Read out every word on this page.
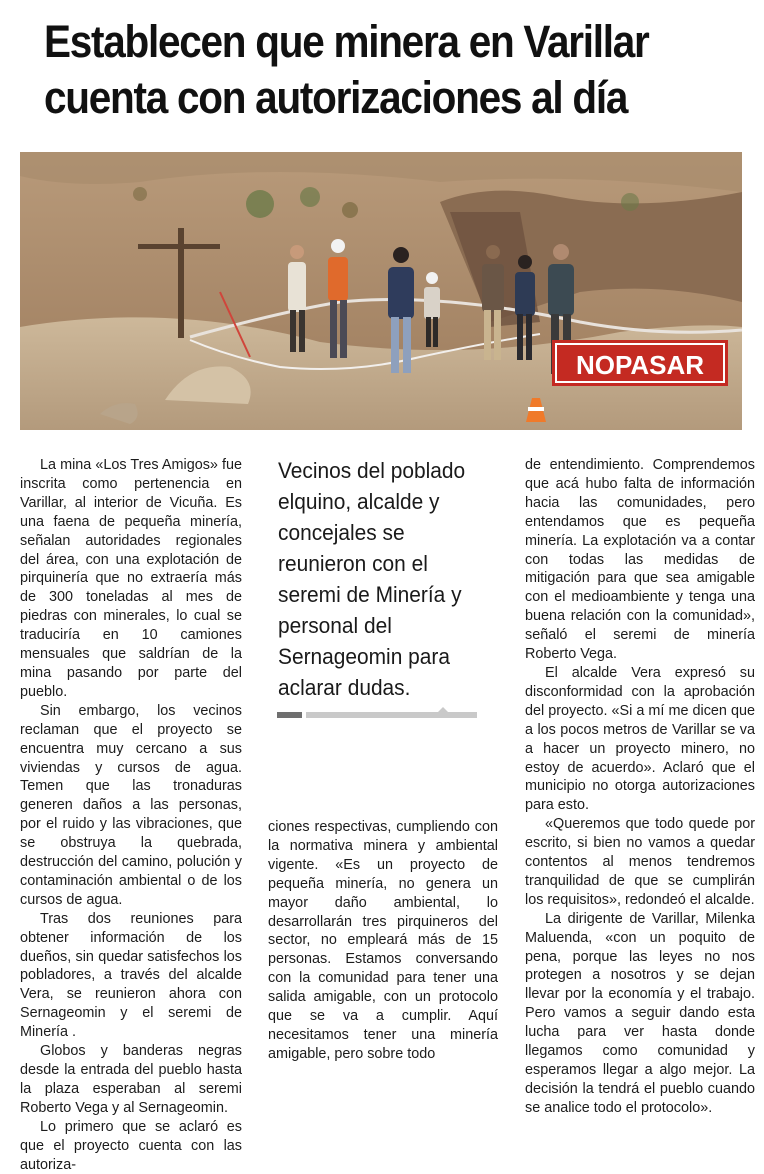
Establecen que minera en Varillar
cuenta con autorizaciones al día
NOPASAR

La mina «Los Tres Amigos» fue inscrita como pertenencia en Varillar, al interior de Vicuña. Es una faena de pequeña minería, señalan autoridades regionales del área, con una explotación de pirquinería que no extraería más de 300 toneladas al mes de piedras con minerales, lo cual se traduciría en 10 camiones mensuales que saldrían de la mina pasando por parte del pueblo.

Sin embargo, los vecinos reclaman que el proyecto se encuentra muy cercano a sus viviendas y cursos de agua. Temen que las tronaduras generen daños a las personas, por el ruido y las vibraciones, que se obstruya la quebrada, destrucción del camino, polución y contaminación ambiental o de los cursos de agua.

Tras dos reuniones para obtener información de los dueños, sin quedar satisfechos los pobladores, a través del alcalde Vera, se reunieron ahora con Sernageomin y el seremi de Minería .

Globos y banderas negras desde la entrada del pueblo hasta la plaza esperaban al seremi Roberto Vega y al Sernageomin.

Lo primero que se aclaró es que el proyecto cuenta con las autoriza-

Vecinos del poblado elquino, alcalde y concejales se reunieron con el seremi de Minería y personal del Sernageomin para aclarar dudas.

ciones respectivas, cumpliendo con la normativa minera y ambiental vigente. «Es un proyecto de pequeña minería, no genera un mayor daño ambiental, lo desarrollarán tres pirquineros del sector, no empleará más de 15 personas. Estamos conversando con la comunidad para tener una salida amigable, con un protocolo que se va a cumplir. Aquí necesitamos tener una minería amigable, pero sobre todo

de entendimiento. Comprendemos que acá hubo falta de información hacia las comunidades, pero entendamos que es pequeña minería. La explotación va a contar con todas las medidas de mitigación para que sea amigable con el medioambiente y tenga una buena relación con la comunidad», señaló el seremi de minería Roberto Vega.

El alcalde Vera expresó su disconformidad con la aprobación del proyecto. «Si a mí me dicen que a los pocos metros de Varillar se va a hacer un proyecto minero, no estoy de acuerdo». Aclaró que el municipio no otorga autorizaciones para esto.

«Queremos que todo quede por escrito, si bien no vamos a quedar contentos al menos tendremos tranquilidad de que se cumplirán los requisitos», redondeó el alcalde.

La dirigente de Varillar, Milenka Maluenda, «con un poquito de pena, porque las leyes no nos protegen a nosotros y se dejan llevar por la economía y el trabajo. Pero vamos a seguir dando esta lucha para ver hasta donde llegamos como comunidad y esperamos llegar a algo mejor. La decisión la tendrá el pueblo cuando se analice todo el protocolo».
